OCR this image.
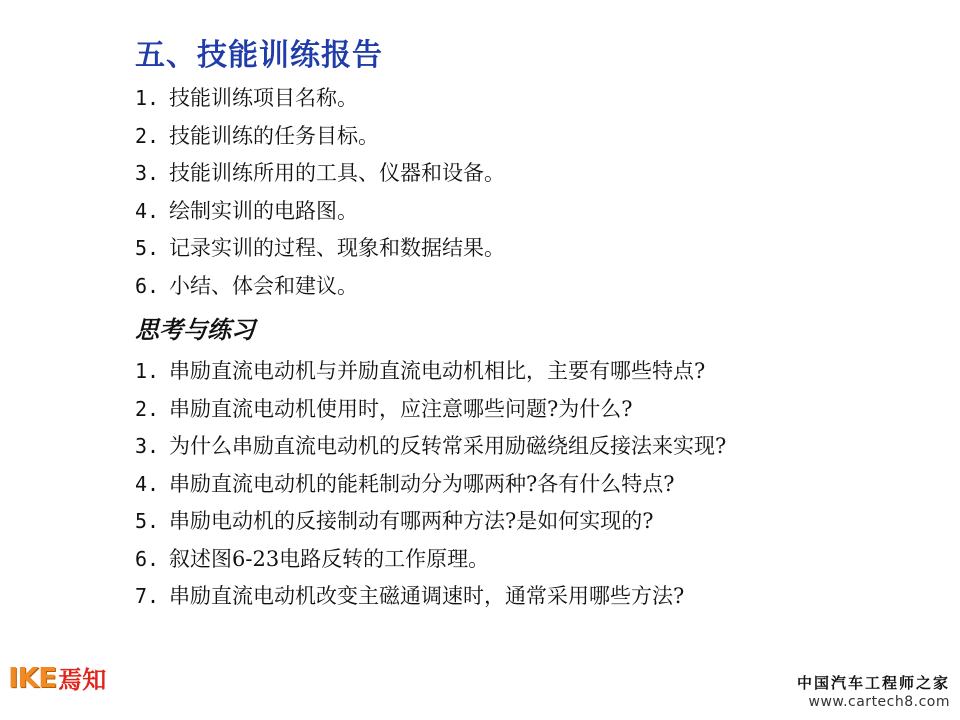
五、技能训练报告
1. 技能训练项目名称。
2. 技能训练的任务目标。
3. 技能训练所用的工具、仪器和设备。
4. 绘制实训的电路图。
5. 记录实训的过程、现象和数据结果。
6. 小结、体会和建议。
思考与练习
1. 串励直流电动机与并励直流电动机相比，主要有哪些特点?
2. 串励直流电动机使用时，应注意哪些问题?为什么?
3. 为什么串励直流电动机的反转常采用励磁绕组反接法来实现?
4. 串励直流电动机的能耗制动分为哪两种?各有什么特点?
5. 串励电动机的反接制动有哪两种方法?是如何实现的?
6. 叙述图6-23电路反转的工作原理。
7. 串励直流电动机改变主磁通调速时，通常采用哪些方法?
IKE 焉知	中国汽车工程师之家
www.cartech8.com
